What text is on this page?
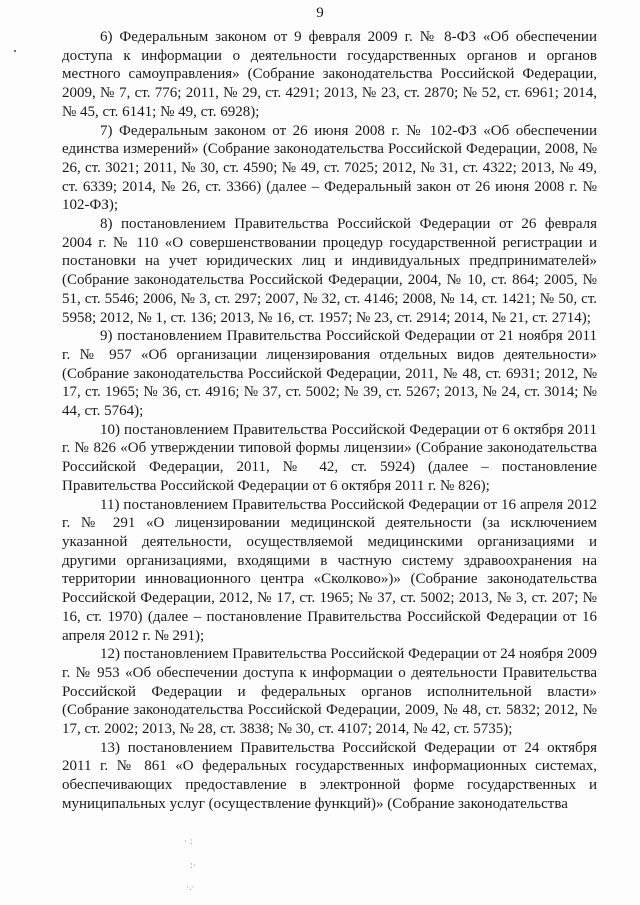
9

6) Федеральным законом от 9 февраля 2009 г. № 8-ФЗ «Об обеспечении доступа к информации о деятельности государственных органов и органов местного самоуправления» (Собрание законодательства Российской Федерации, 2009, № 7, ст. 776; 2011, № 29, ст. 4291; 2013, № 23, ст. 2870; № 52, ст. 6961; 2014, № 45, ст. 6141; № 49, ст. 6928);

7) Федеральным законом от 26 июня 2008 г. № 102-ФЗ «Об обеспечении единства измерений» (Собрание законодательства Российской Федерации, 2008, № 26, ст. 3021; 2011, № 30, ст. 4590; № 49, ст. 7025; 2012, № 31, ст. 4322; 2013, № 49, ст. 6339; 2014, № 26, ст. 3366) (далее – Федеральный закон от 26 июня 2008 г. № 102-ФЗ);

8) постановлением Правительства Российской Федерации от 26 февраля 2004 г. № 110 «О совершенствовании процедур государственной регистрации и постановки на учет юридических лиц и индивидуальных предпринимателей» (Собрание законодательства Российской Федерации, 2004, № 10, ст. 864; 2005, № 51, ст. 5546; 2006, № 3, ст. 297; 2007, № 32, ст. 4146; 2008, № 14, ст. 1421; № 50, ст. 5958; 2012, № 1, ст. 136; 2013, № 16, ст. 1957; № 23, ст. 2914; 2014, № 21, ст. 2714);

9) постановлением Правительства Российской Федерации от 21 ноября 2011 г. № 957 «Об организации лицензирования отдельных видов деятельности» (Собрание законодательства Российской Федерации, 2011, № 48, ст. 6931; 2012, № 17, ст. 1965; № 36, ст. 4916; № 37, ст. 5002; № 39, ст. 5267; 2013, № 24, ст. 3014; № 44, ст. 5764);

10) постановлением Правительства Российской Федерации от 6 октября 2011 г. № 826 «Об утверждении типовой формы лицензии» (Собрание законодательства Российской Федерации, 2011, № 42, ст. 5924) (далее – постановление Правительства Российской Федерации от 6 октября 2011 г. № 826);

11) постановлением Правительства Российской Федерации от 16 апреля 2012 г. № 291 «О лицензировании медицинской деятельности (за исключением указанной деятельности, осуществляемой медицинскими организациями и другими организациями, входящими в частную систему здравоохранения на территории инновационного центра «Сколково»)» (Собрание законодательства Российской Федерации, 2012, № 17, ст. 1965; № 37, ст. 5002; 2013, № 3, ст. 207; № 16, ст. 1970) (далее – постановление Правительства Российской Федерации от 16 апреля 2012 г. № 291);

12) постановлением Правительства Российской Федерации от 24 ноября 2009 г. № 953 «Об обеспечении доступа к информации о деятельности Правительства Российской Федерации и федеральных органов исполнительной власти» (Собрание законодательства Российской Федерации, 2009, № 48, ст. 5832; 2012, № 17, ст. 2002; 2013, № 28, ст. 3838; № 30, ст. 4107; 2014, № 42, ст. 5735);

13) постановлением Правительства Российской Федерации от 24 октября 2011 г. № 861 «О федеральных государственных информационных системах, обеспечивающих предоставление в электронной форме государственных и муниципальных услуг (осуществление функций)» (Собрание законодательства

· :
:·
·.·
